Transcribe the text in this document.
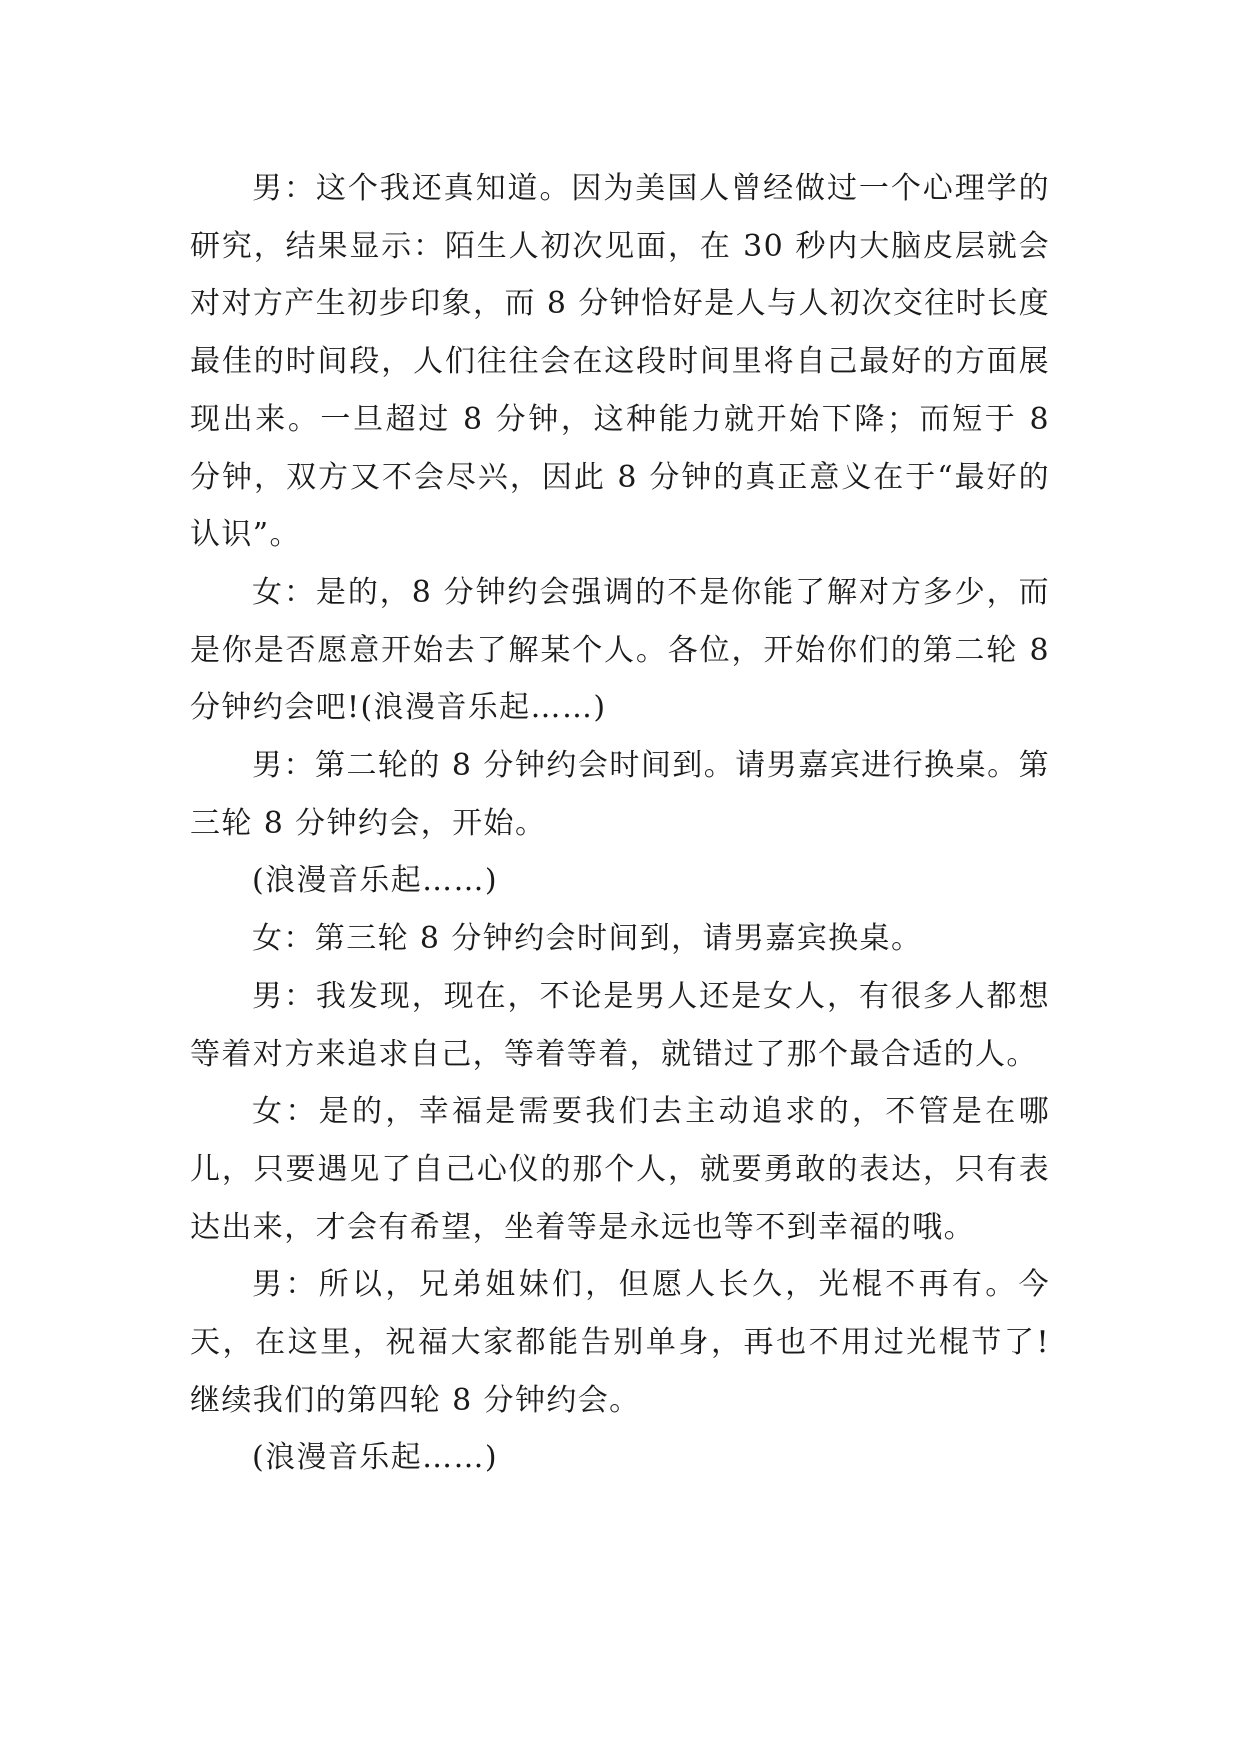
男：这个我还真知道。因为美国人曾经做过一个心理学的研究，结果显示：陌生人初次见面，在 30 秒内大脑皮层就会对对方产生初步印象，而 8 分钟恰好是人与人初次交往时长度最佳的时间段，人们往往会在这段时间里将自己最好的方面展现出来。一旦超过 8 分钟，这种能力就开始下降；而短于 8 分钟，双方又不会尽兴，因此 8 分钟的真正意义在于“最好的认识”。

女：是的，8 分钟约会强调的不是你能了解对方多少，而是你是否愿意开始去了解某个人。各位，开始你们的第二轮 8 分钟约会吧!(浪漫音乐起……)

男：第二轮的 8 分钟约会时间到。请男嘉宾进行换桌。第三轮 8 分钟约会，开始。

(浪漫音乐起……)

女：第三轮 8 分钟约会时间到，请男嘉宾换桌。

男：我发现，现在，不论是男人还是女人，有很多人都想等着对方来追求自己，等着等着，就错过了那个最合适的人。

女：是的，幸福是需要我们去主动追求的，不管是在哪儿，只要遇见了自己心仪的那个人，就要勇敢的表达，只有表达出来，才会有希望，坐着等是永远也等不到幸福的哦。

男：所以，兄弟姐妹们，但愿人长久，光棍不再有。今天，在这里，祝福大家都能告别单身，再也不用过光棍节了!继续我们的第四轮 8 分钟约会。

(浪漫音乐起……)
